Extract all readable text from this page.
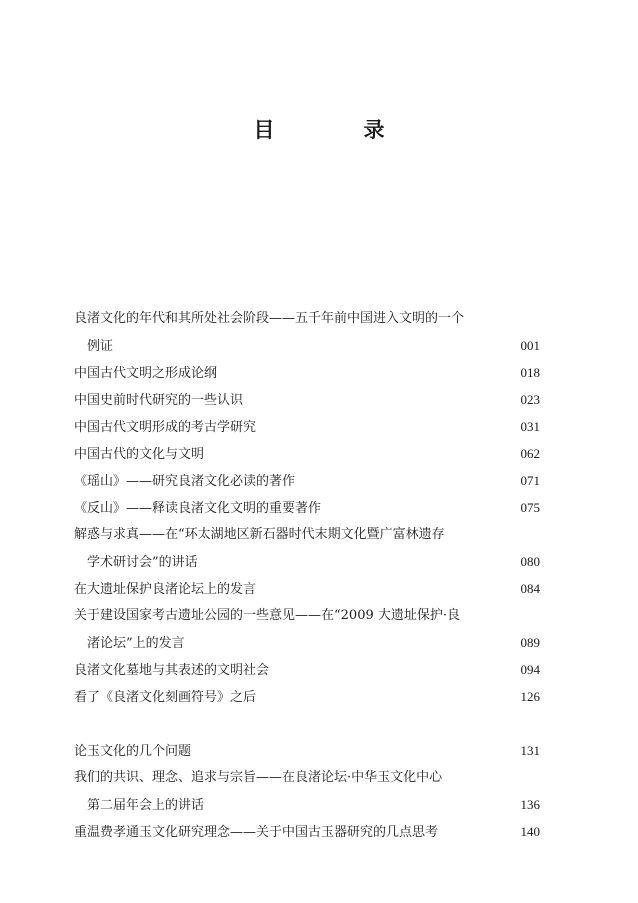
目　录
良渚文化的年代和其所处社会阶段——五千年前中国进入文明的一个
例证	001
中国古代文明之形成论纲	018
中国史前时代研究的一些认识	023
中国古代文明形成的考古学研究	031
中国古代的文化与文明	062
《瑶山》——研究良渚文化必读的著作	071
《反山》——释读良渚文化文明的重要著作	075
解惑与求真——在“环太湖地区新石器时代末期文化暨广富林遗存
学术研讨会”的讲话	080
在大遗址保护良渚论坛上的发言	084
关于建设国家考古遗址公园的一些意见——在“2009 大遗址保护·良
渚论坛”上的发言	089
良渚文化墓地与其表述的文明社会	094
看了《良渚文化刻画符号》之后	126
论玉文化的几个问题	131
我们的共识、理念、追求与宗旨——在良渚论坛·中华玉文化中心
第二届年会上的讲话	136
重温费孝通玉文化研究理念——关于中国古玉器研究的几点思考	140
